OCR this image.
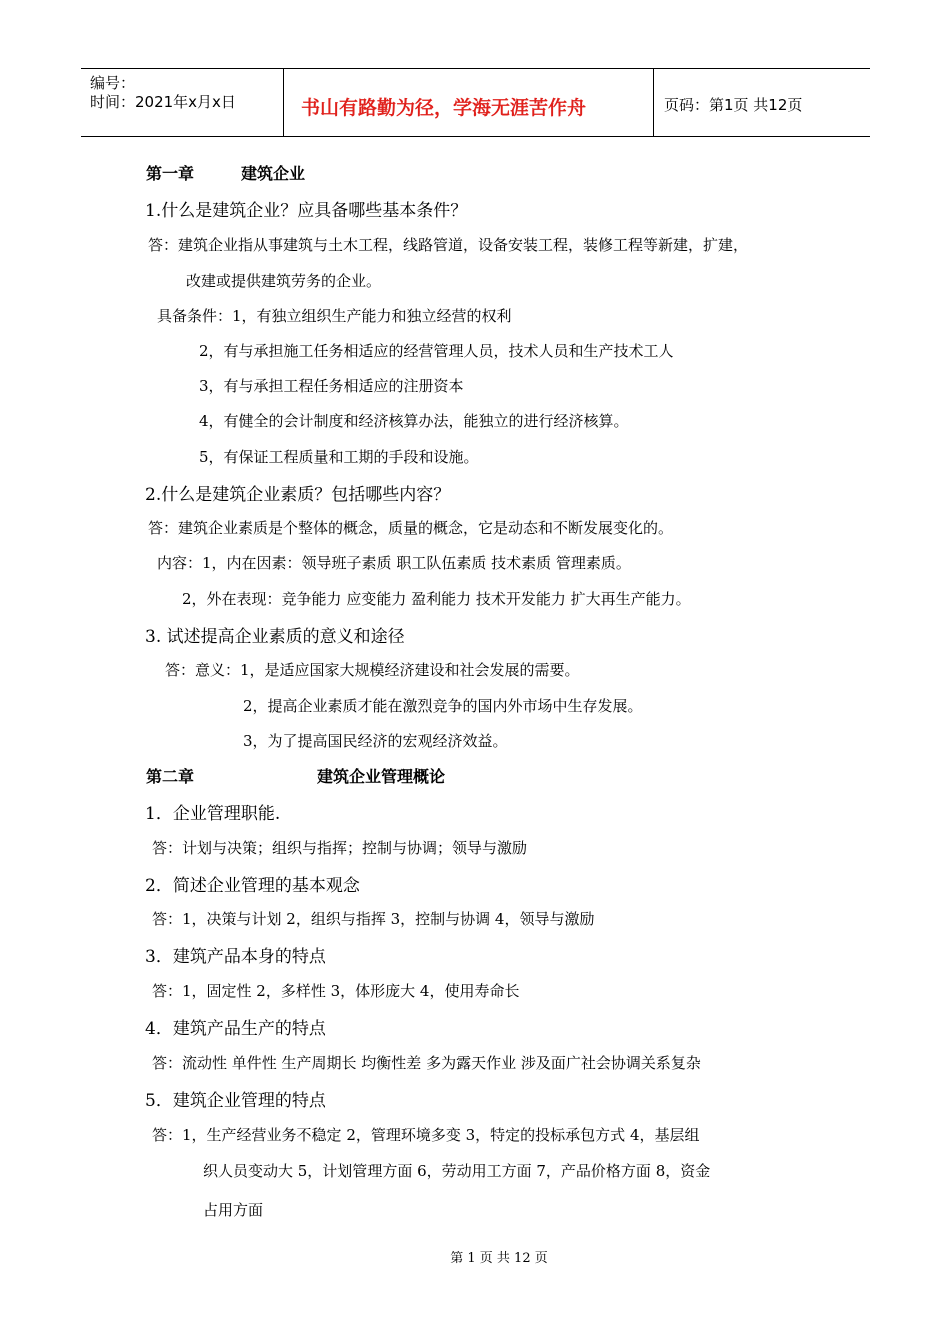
编号：
时间：2021年x月x日	书山有路勤为径，学海无涯苦作舟	页码：第1页 共12页
第一章	建筑企业
1.什么是建筑企业？应具备哪些基本条件？
答：建筑企业指从事建筑与土木工程，线路管道，设备安装工程，装修工程等新建，扩建，
改建或提供建筑劳务的企业。
具备条件：1，有独立组织生产能力和独立经营的权利
2，有与承担施工任务相适应的经营管理人员，技术人员和生产技术工人
3，有与承担工程任务相适应的注册资本
4，有健全的会计制度和经济核算办法，能独立的进行经济核算。
5，有保证工程质量和工期的手段和设施。
2.什么是建筑企业素质？包括哪些内容？
答：建筑企业素质是个整体的概念，质量的概念，它是动态和不断发展变化的。
内容：1，内在因素：领导班子素质 职工队伍素质 技术素质 管理素质。
2，外在表现：竞争能力 应变能力 盈利能力 技术开发能力 扩大再生产能力。
3. 试述提高企业素质的意义和途径
答：意义：1，是适应国家大规模经济建设和社会发展的需要。
2，提高企业素质才能在激烈竞争的国内外市场中生存发展。
3，为了提高国民经济的宏观经济效益。
第二章	建筑企业管理概论
1．企业管理职能.
答：计划与决策；组织与指挥；控制与协调；领导与激励
2．简述企业管理的基本观念
答：1，决策与计划 2，组织与指挥 3，控制与协调 4，领导与激励
3．建筑产品本身的特点
答：1，固定性 2，多样性 3，体形庞大 4，使用寿命长
4．建筑产品生产的特点
答：流动性 单件性 生产周期长 均衡性差 多为露天作业 涉及面广社会协调关系复杂
5．建筑企业管理的特点
答：1，生产经营业务不稳定 2，管理环境多变 3，特定的投标承包方式 4，基层组
织人员变动大 5，计划管理方面 6，劳动用工方面 7，产品价格方面 8，资金
占用方面
第 1 页 共 12 页
